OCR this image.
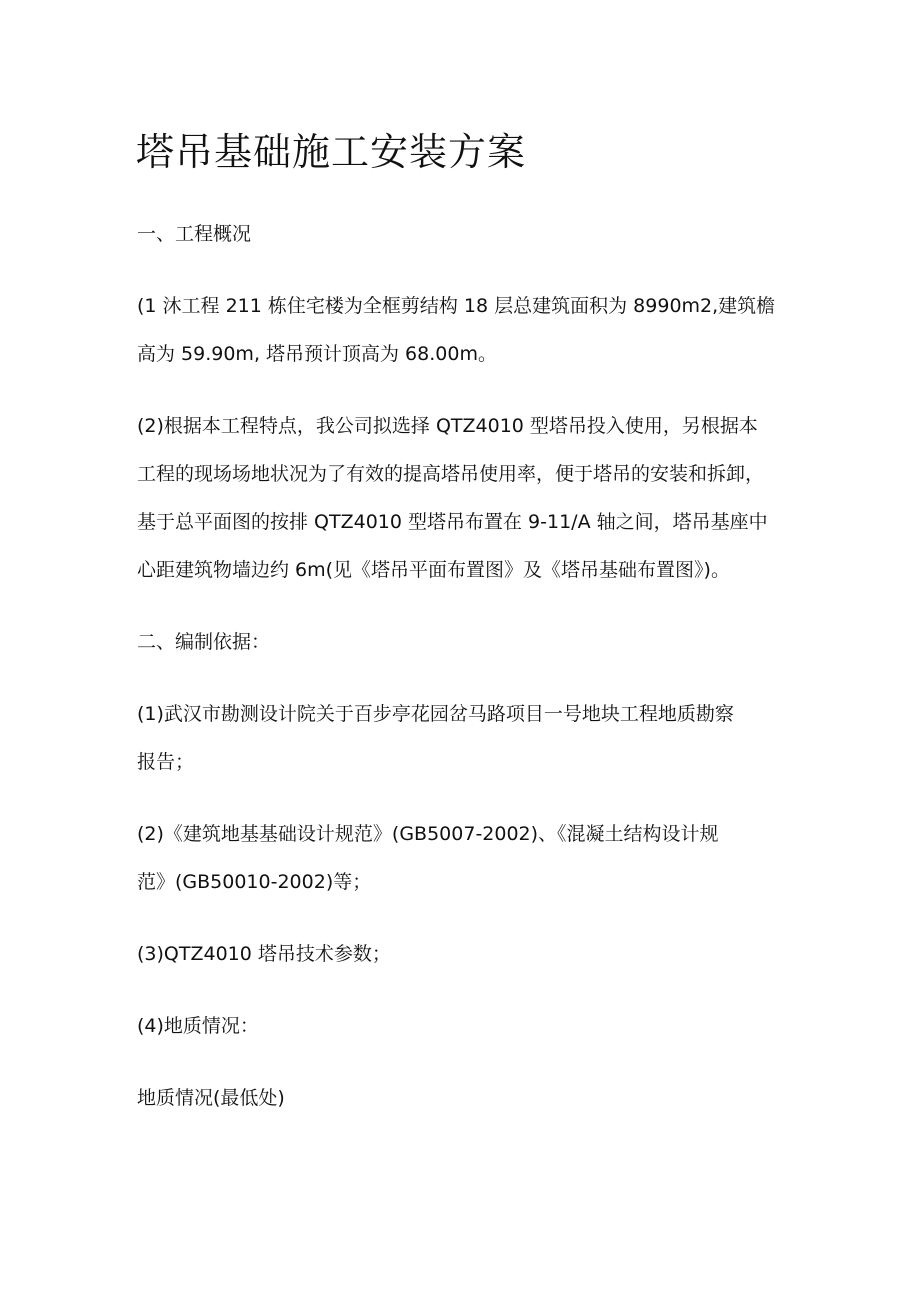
塔吊基础施工安装方案
一、工程概况
(1 沐工程 211 栋住宅楼为全框剪结构 18 层总建筑面积为 8990m2,建筑檐
高为 59.90m, 塔吊预计顶高为 68.00m。
(2)根据本工程特点，我公司拟选择 QTZ4010 型塔吊投入使用，另根据本
工程的现场场地状况为了有效的提高塔吊使用率，便于塔吊的安装和拆卸，
基于总平面图的按排 QTZ4010 型塔吊布置在 9-11/A 轴之间，塔吊基座中
心距建筑物墙边约 6m(见《塔吊平面布置图》及《塔吊基础布置图》)。
二、编制依据：
(1)武汉市勘测设计院关于百步亭花园岔马路项目一号地块工程地质勘察
报告；
(2)《建筑地基基础设计规范》(GB5007-2002)、《混凝土结构设计规
范》(GB50010-2002)等；
(3)QTZ4010 塔吊技术参数；
(4)地质情况：
地质情况(最低处)
